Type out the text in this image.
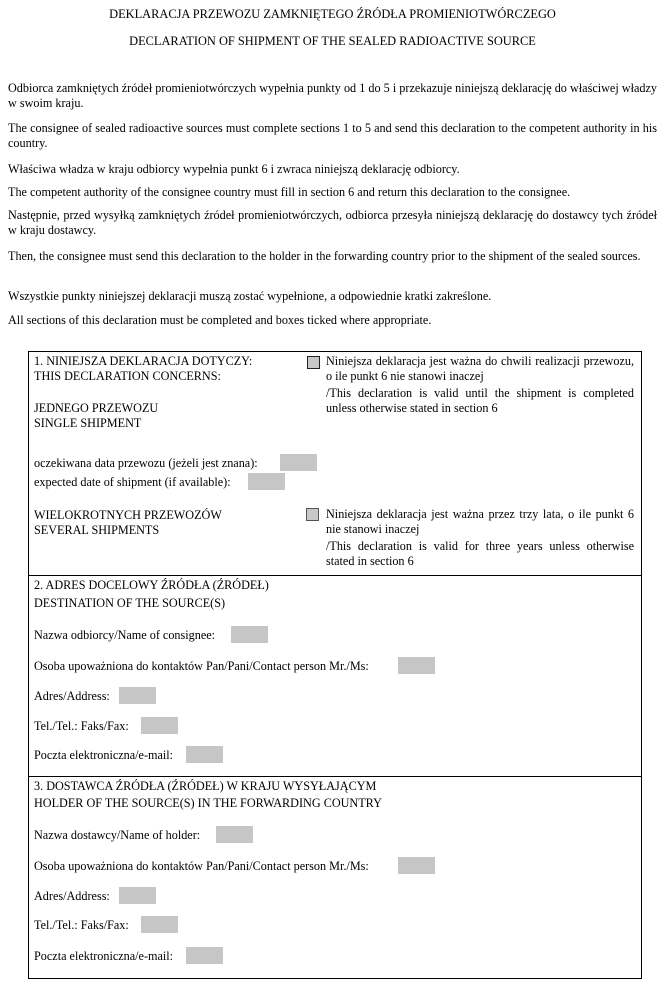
DEKLARACJA PRZEWOZU ZAMKNIĘTEGO ŹRÓDŁA PROMIENIOTWÓRCZEGO
DECLARATION OF SHIPMENT OF THE SEALED RADIOACTIVE SOURCE
Odbiorca zamkniętych źródeł promieniotwórczych wypełnia punkty od 1 do 5 i przekazuje niniejszą deklarację do właściwej władzy w swoim kraju.
The consignee of sealed radioactive sources must complete sections 1 to 5 and send this declaration to the competent authority in his country.
Właściwa władza w kraju odbiorcy wypełnia punkt 6 i zwraca niniejszą deklarację odbiorcy.
The competent authority of the consignee country must fill in section 6 and return this declaration to the consignee.
Następnie, przed wysyłką zamkniętych źródeł promieniotwórczych, odbiorca przesyła niniejszą deklarację do dostawcy tych źródeł w kraju dostawcy.
Then, the consignee must send this declaration to the holder in the forwarding country prior to the shipment of the sealed sources.
Wszystkie punkty niniejszej deklaracji muszą zostać wypełnione, a odpowiednie kratki zakreślone.
All sections of this declaration must be completed and boxes ticked where appropriate.
1. NINIEJSZA DEKLARACJA DOTYCZY:
THIS DECLARATION CONCERNS:
Niniejsza deklaracja jest ważna do chwili realizacji przewozu, o ile punkt 6 nie stanowi inaczej
/This declaration is valid until the shipment is completed unless otherwise stated in section 6
JEDNEGO PRZEWOZU
SINGLE SHIPMENT
oczekiwana data przewozu (jeżeli jest znana):
expected date of shipment (if available):
WIELOKROTNYCH PRZEWOZÓW
SEVERAL SHIPMENTS
Niniejsza deklaracja jest ważna przez trzy lata, o ile punkt 6 nie stanowi inaczej
/This declaration is valid for three years unless otherwise stated in section 6
2. ADRES DOCELOWY ŹRÓDŁA (ŹRÓDEŁ)
DESTINATION OF THE SOURCE(S)
Nazwa odbiorcy/Name of consignee:
Osoba upoważniona do kontaktów Pan/Pani/Contact person Mr./Ms:
Adres/Address:
Tel./Tel.: Faks/Fax:
Poczta elektroniczna/e-mail:
3. DOSTAWCA ŹRÓDŁA (ŹRÓDEŁ) W KRAJU WYSYŁAJĄCYM
HOLDER OF THE SOURCE(S) IN THE FORWARDING COUNTRY
Nazwa dostawcy/Name of holder:
Osoba upoważniona do kontaktów Pan/Pani/Contact person Mr./Ms:
Adres/Address:
Tel./Tel.: Faks/Fax:
Poczta elektroniczna/e-mail:
